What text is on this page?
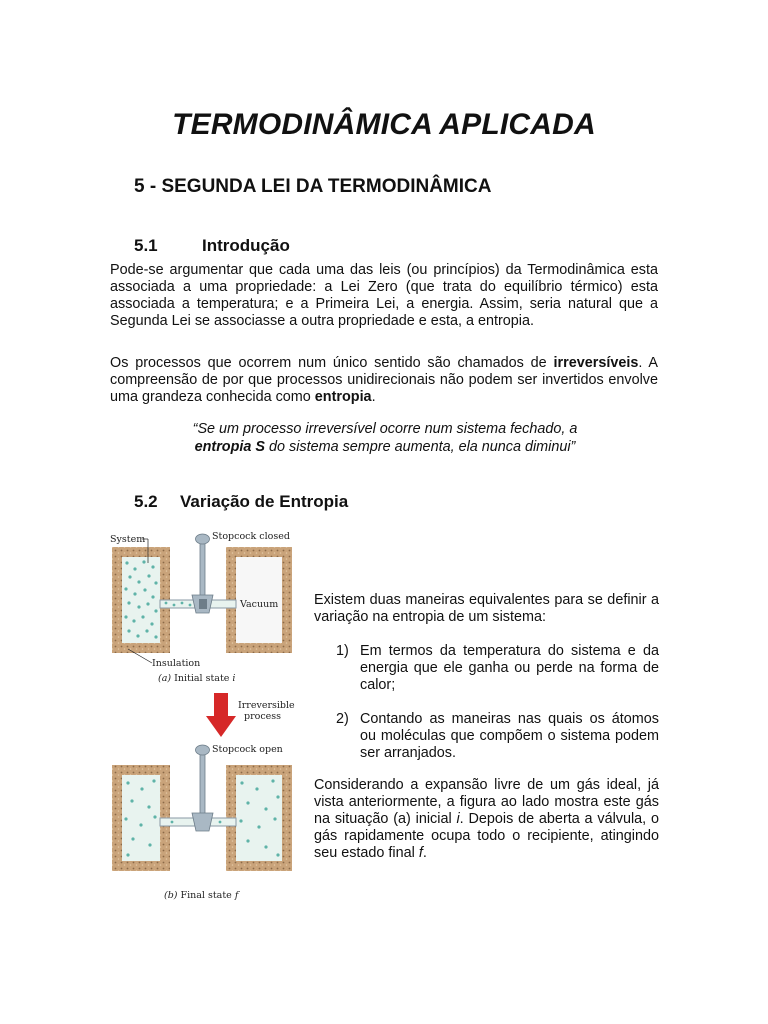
TERMODINÂMICA APLICADA
5 - SEGUNDA LEI DA TERMODINÂMICA
5.1	Introdução

Pode-se argumentar que cada uma das leis (ou princípios) da Termodinâmica esta associada a uma propriedade: a Lei Zero (que trata do equilíbrio térmico) esta associada a temperatura; e a Primeira Lei, a energia. Assim, seria natural que a Segunda Lei se associasse a outra propriedade e esta, a entropia.

Os processos que ocorrem num único sentido são chamados de irreversíveis. A compreensão de por que processos unidirecionais não podem ser invertidos envolve uma grandeza conhecida como entropia.

“Se um processo irreversível ocorre num sistema fechado, a
entropia S do sistema sempre aumenta, ela nunca diminui”
5.2 Variação de Entropia
System	Stopcock closed
Vacuum
Insulation
(a) Initial state i
Irreversible
process
Stopcock open
(b) Final state f

Existem duas maneiras equivalentes para se definir a variação na entropia de um sistema:

1) Em termos da temperatura do sistema e da energia que ele ganha ou perde na forma de calor;
2) Contando as maneiras nas quais os átomos ou moléculas que compõem o sistema podem ser arranjados.

Considerando a expansão livre de um gás ideal, já vista anteriormente, a figura ao lado mostra este gás na situação (a) inicial i. Depois de aberta a válvula, o gás rapidamente ocupa todo o recipiente, atingindo seu estado final f.
